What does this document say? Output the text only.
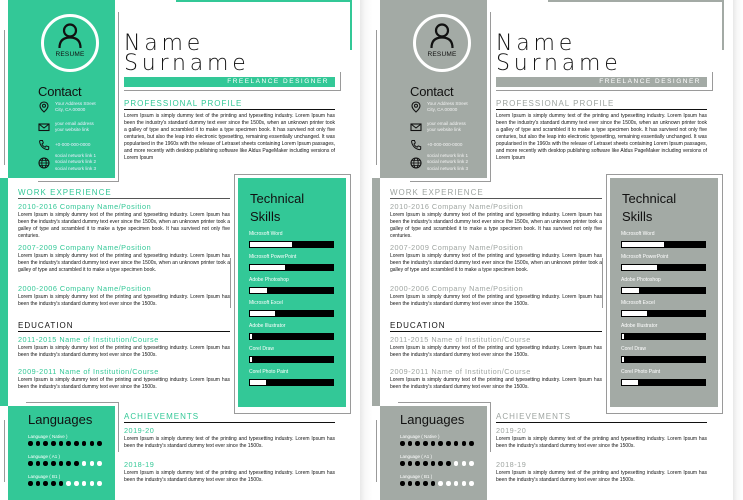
RESUME
Contact
Your Address Street
City, CA 00000
your email address
your website link
+0-000-000-0000
social network link 1
social network link 2
social network link 3
Name
Surname
FREELANCE DESIGNER
PROFESSIONAL PROFILE
Lorem Ipsum is simply dummy text of the printing and typesetting industry. Lorem Ipsum has been the industry's standard dummy text ever since the 1500s, when an unknown printer took a galley of type and scrambled it to make a type specimen book. It has survived not only five centuries, but also the leap into electronic typesetting, remaining essentially unchanged. It was popularised in the 1960s with the release of Letraset sheets containing Lorem Ipsum passages, and more recently with desktop publishing software like Aldus PageMaker including versions of Lorem Ipsum
WORK EXPERIENCE
2010-2016 Company Name/Position
Lorem Ipsum is simply dummy text of the printing and typesetting industry. Lorem Ipsum has been the industry's standard dummy text ever since the 1500s, when an unknown printer took a galley of type and scrambled it to make a type specimen book. It has survived not only five centuries.
2007-2009 Company Name/Position
Lorem Ipsum is simply dummy text of the printing and typesetting industry. Lorem Ipsum has been the industry's standard dummy text ever since the 1500s, when an unknown printer took a galley of type and scrambled it to make a type specimen book.
2000-2006 Company Name/Position
Lorem Ipsum is simply dummy text of the printing and typesetting industry. Lorem Ipsum has been the industry's standard dummy text ever since the 1500s.
EDUCATION
2011-2015 Name of Institution/Course
Lorem Ipsum is simply dummy text of the printing and typesetting industry. Lorem Ipsum has been the industry's standard dummy text ever since the 1500s.
2009-2011 Name of Institution/Course
Lorem Ipsum is simply dummy text of the printing and typesetting industry. Lorem Ipsum has been the industry's standard dummy text ever since the 1500s.
Technical
Skills
Microsoft Word
Microsoft PowerPoint
Adobe Photoshop
Microsoft Excel
Adobe Illustrator
Corel Draw
Corel Photo Paint
Languages
Language ( Native )
Language ( A1 )
Language ( B1 )
ACHIEVEMENTS
2019-20
Lorem Ipsum is simply dummy text of the printing and typesetting industry. Lorem Ipsum has been the industry's standard dummy text ever since the 1500s.
2018-19
Lorem Ipsum is simply dummy text of the printing and typesetting industry. Lorem Ipsum has been the industry's standard dummy text ever since the 1500s.
RESUME
Contact
Your Address Street
City, CA 00000
your email address
your website link
+0-000-000-0000
social network link 1
social network link 2
social network link 3
Name
Surname
FREELANCE DESIGNER
PROFESSIONAL PROFILE
Lorem Ipsum is simply dummy text of the printing and typesetting industry. Lorem Ipsum has been the industry's standard dummy text ever since the 1500s, when an unknown printer took a galley of type and scrambled it to make a type specimen book. It has survived not only five centuries, but also the leap into electronic typesetting, remaining essentially unchanged. It was popularised in the 1960s with the release of Letraset sheets containing Lorem Ipsum passages, and more recently with desktop publishing software like Aldus PageMaker including versions of Lorem Ipsum
WORK EXPERIENCE
2010-2016 Company Name/Position
Lorem Ipsum is simply dummy text of the printing and typesetting industry. Lorem Ipsum has been the industry's standard dummy text ever since the 1500s, when an unknown printer took a galley of type and scrambled it to make a type specimen book. It has survived not only five centuries.
2007-2009 Company Name/Position
Lorem Ipsum is simply dummy text of the printing and typesetting industry. Lorem Ipsum has been the industry's standard dummy text ever since the 1500s, when an unknown printer took a galley of type and scrambled it to make a type specimen book.
2000-2006 Company Name/Position
Lorem Ipsum is simply dummy text of the printing and typesetting industry. Lorem Ipsum has been the industry's standard dummy text ever since the 1500s.
EDUCATION
2011-2015 Name of Institution/Course
Lorem Ipsum is simply dummy text of the printing and typesetting industry. Lorem Ipsum has been the industry's standard dummy text ever since the 1500s.
2009-2011 Name of Institution/Course
Lorem Ipsum is simply dummy text of the printing and typesetting industry. Lorem Ipsum has been the industry's standard dummy text ever since the 1500s.
Technical
Skills
Microsoft Word
Microsoft PowerPoint
Adobe Photoshop
Microsoft Excel
Adobe Illustrator
Corel Draw
Corel Photo Paint
Languages
Language ( Native )
Language ( A1 )
Language ( B1 )
ACHIEVEMENTS
2019-20
Lorem Ipsum is simply dummy text of the printing and typesetting industry. Lorem Ipsum has been the industry's standard dummy text ever since the 1500s.
2018-19
Lorem Ipsum is simply dummy text of the printing and typesetting industry. Lorem Ipsum has been the industry's standard dummy text ever since the 1500s.
